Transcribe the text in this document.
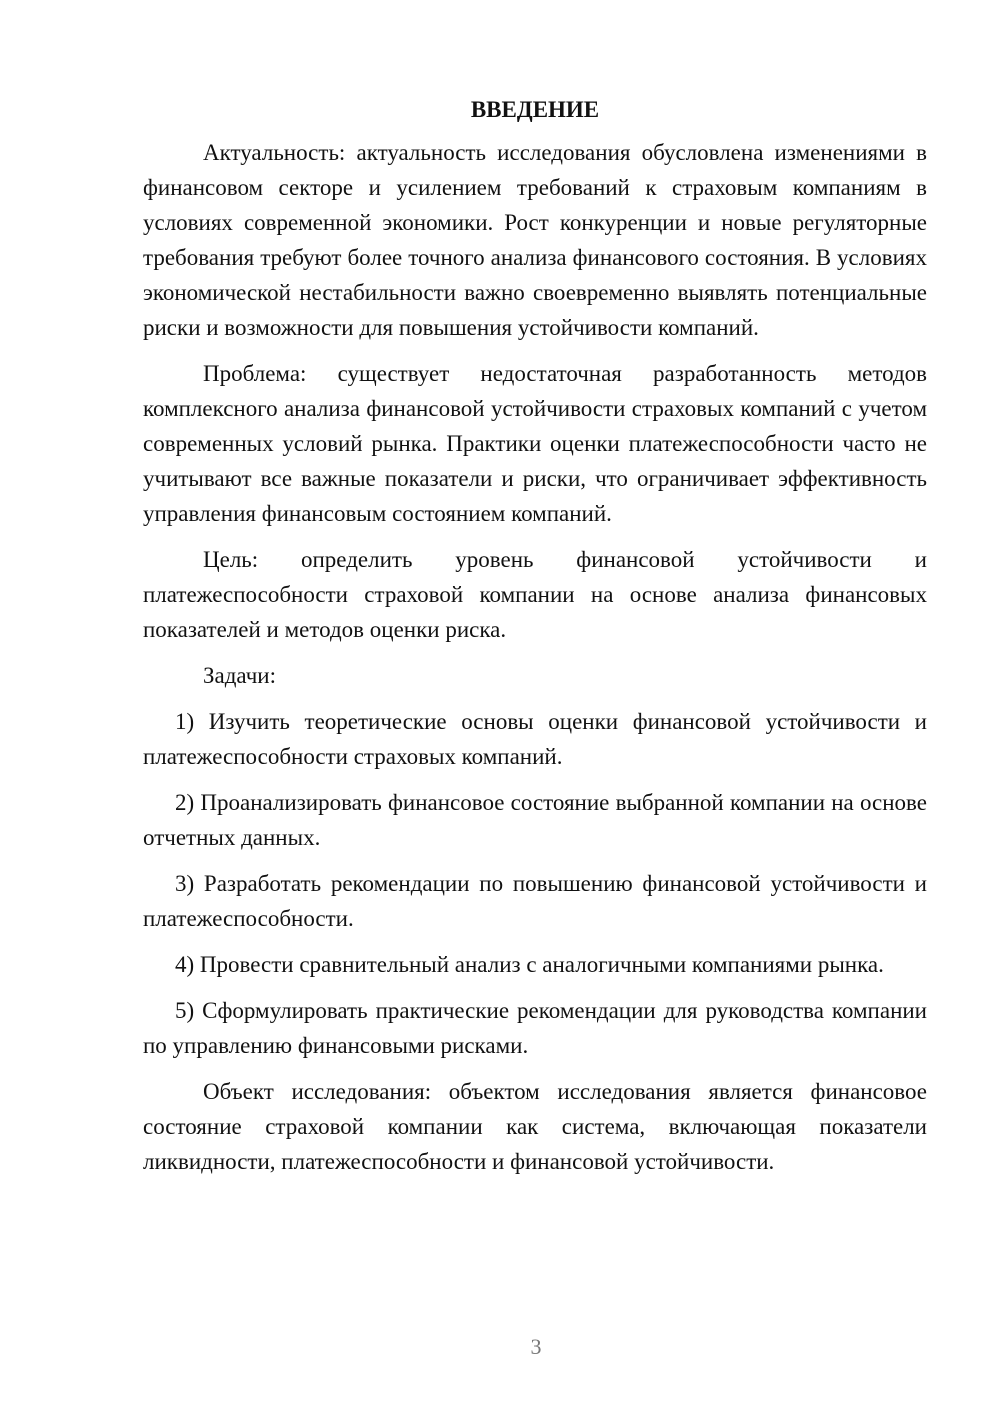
ВВЕДЕНИЕ

Актуальность: актуальность исследования обусловлена изменениями в финансовом секторе и усилением требований к страховым компаниям в условиях современной экономики. Рост конкуренции и новые регуляторные требования требуют более точного анализа финансового состояния. В условиях экономической нестабильности важно своевременно выявлять потенциальные риски и возможности для повышения устойчивости компаний.

Проблема: существует недостаточная разработанность методов комплексного анализа финансовой устойчивости страховых компаний с учетом современных условий рынка. Практики оценки платежеспособности часто не учитывают все важные показатели и риски, что ограничивает эффективность управления финансовым состоянием компаний.

Цель: определить уровень финансовой устойчивости и платежеспособности страховой компании на основе анализа финансовых показателей и методов оценки риска.

Задачи:

1) Изучить теоретические основы оценки финансовой устойчивости и платежеспособности страховых компаний.

2) Проанализировать финансовое состояние выбранной компании на основе отчетных данных.

3) Разработать рекомендации по повышению финансовой устойчивости и платежеспособности.

4) Провести сравнительный анализ с аналогичными компаниями рынка.

5) Сформулировать практические рекомендации для руководства компании по управлению финансовыми рисками.

Объект исследования: объектом исследования является финансовое состояние страховой компании как система, включающая показатели ликвидности, платежеспособности и финансовой устойчивости.

3
